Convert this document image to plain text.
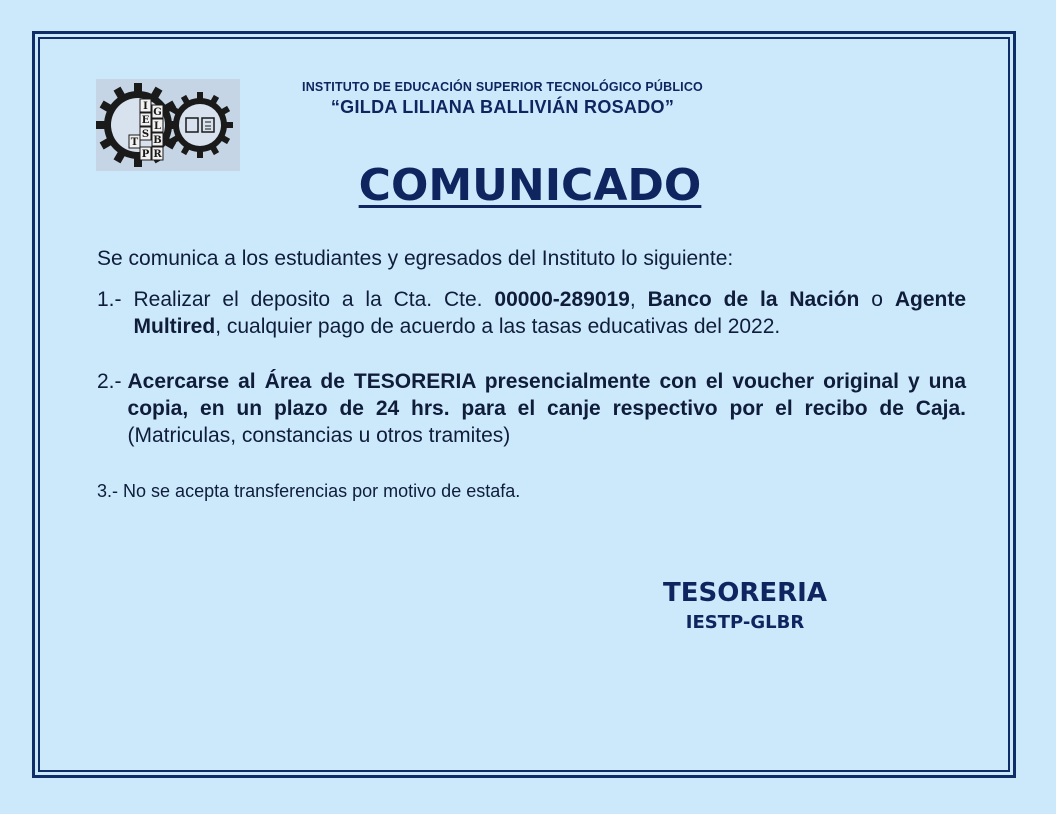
I
E
S
T
P
G
L
B
R
INSTITUTO DE EDUCACIÓN SUPERIOR TECNOLÓGICO PÚBLICO
“GILDA LILIANA BALLIVIÁN ROSADO”
COMUNICADO
Se comunica a los estudiantes y egresados del Instituto lo siguiente:
1.- Realizar el deposito a la Cta. Cte. 00000-289019, Banco de la Nación o Agente Multired, cualquier pago de acuerdo a las tasas educativas del 2022.
2.- Acercarse al Área de TESORERIA presencialmente con el voucher original y una copia, en un plazo de 24 hrs. para el canje respectivo por el recibo de Caja. (Matriculas, constancias u otros tramites)
3.- No se acepta transferencias por motivo de estafa.
TESORERIA
IESTP-GLBR
